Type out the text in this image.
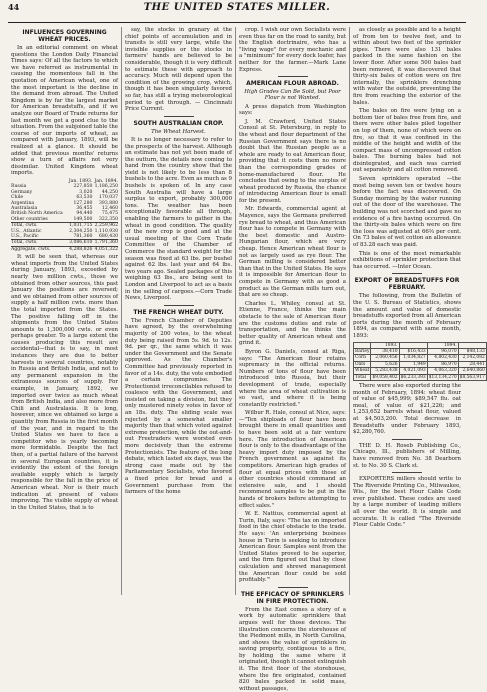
44	THE UNITED STATES MILLER.
INFLUENCES GOVERNING WHEAT PRICES.

In an editorial comment on wheat questions the London Daily Financial Times says: Of all the factors to which we have referred as instrumental in causing the momentous fall in the quotation of American wheat, one of the most important is the decline in the demand from abroad. The United Kingdom is by far the largest market for American breadstuffs, and if we analyze our Board of Trade returns for last month we get a good clue to the situation. From the subjoined table the course of our imports of wheat, as compared with January, 1893, will be realized at a glance. It should be added that previous months' returns show a turn of affairs not very dissimilar. United Kingdom wheat imports.

	Jan. 1893.	Jan. 1894.
Russia	227,850	1,186,250
Germany	3,020	44,250
Chile	63,530	170,037
Argentina	127,280	393,880
Australasia	36,455	12,460
British North America	94,440	75,475
Other countries	149,500	322,350
Total, cwts.	1,031,715	2,259,962
U.S., Atlantic	2,304,250	1,110,930
U.S., Pacific	781,360	680,430
Total, cwts.	3,086,610	1,791,360
Aggregate, cwts.	4,288,826	4,051,322

It will be seen that, whereas our wheat imports from the United States during January, 1893, exceeded by nearly two million cwts., those we obtained from other sources, this past January the positions are reversed; and we obtained from other sources of supply a half million cwts. more than the total imported from the States. The positive falling off in the shipments from the United States amounts to 1,300,000 cwts. or even perhaps greater. To a large extent the causes producing this result are accidental—that is to say, in most instances they are due to better harvests in several countries, notably in Russia and British India, and not to any permanent expansion in the extraneous sources of supply. For example, in January, 1892, we imported over twice as much wheat from British India, and also more from Chili and Australasia. It is long, however, since we obtained so large a quantity from Russia in the first month of the year, and in regard to the United States we have to face a competitor who is yearly becoming more formidable. Despite the fact then, of a partial failure of the harvest in several European countries, it is evidently the extent of the foreign available supply which is largely responsible for the fall in the price of American wheat. Nor is their much indication at present of values improving. The visible supply of wheat in the United States, that is to

say, the stocks in granary at the chief points of accumulation and in transits is still very large, while the invisible supplies or the stocks in farmers' hands are believed to be considerable, though it is very difficult to estimate these with approach to accuracy. Much will depend upon the condition of the growing crop, which, though it has been singularly favored so far, has still a trying meteorological period to get through. — Cincinnati Price Current.

SOUTH AUSTRALIAN CROP.
The Wheat Harvest.

It is no longer necessary to refer to the prospects of the harvest. Although an estimate has not yet been made of the outturn, the details now coming to hand from the country show that the yield is not likely to be less than 8 bushels to the acre. Even as much as 9 bushels is spoken of. In any case South Australia will have a large surplus to export, probably 300,000 tons. The weather has been exceptionally favorable all through, enabling the farmers to gather in the wheat in good condition. The quality of the new crop is good and at the usual meeting of the Corn Trade Committee of the Chamber of Commerce the standard weight for the season was fixed at 63 lbs. per bushel against 62 lbs. last year and 64 lbs. two years ago. Sealed packages of this weighing 63 lbs., are being sent to London and Liverpool to act as a basis in the selling of cargoes.—Corn Trade News, Liverpool.

THE FRENCH WHEAT DUTY.

The French Chamber of Deputies have agreed, by the overwhelming majority of 200 votes, to the wheat duty being raised from 5s. 9d. to 12s. 9d. per qr., the same which it was under the Government and the Senate approved. As the Chamber's Committee had previously reported in favor of a 14s. duty, the vote embodied a certain compromise. The Protectionist irreconcilables refused to coalesce with the Government, and insisted on taking a division, but they only mustered ninety votes in favor of an 18s. duty. The sliding scale was rejected by a somewhat smaller majority than that which voted against extreme protection, while the out-and-out Freetraders were worsted even more decisively than the extreme Protectionists. The feature of the long debate, which lasted six days, was the strong case made out by the Parliamentary Socialists, who favored a fixed price for bread and a Government purchase from the farmers of the home

crop. I wish our own Socialists were even thus far on the road to sanity, but the English doctrinaire, who has a "living wage" for every mechanic and a "minimum" for every dock loafer, has neither for the farmer.—Mark Lane Express.

AMERICAN FLOUR ABROAD.
High Grades Can Be Sold, but Poor Flour is not Wanted.

A press dispatch from Washington says:

J. M. Crawford, United States Consul at St. Petersburg, in reply to the wheat and flour department of the Russian Government says there is no doubt that the Russian people as a whole are ready to eat American flour, providing that it costs them no more than the corresponding grades of home-manufactured flour. He concludes that owing to the surplus of wheat produced by Russia, the chance of introducing American flour is small for the present.

Mr. Edwards, commercial agent at Mayence, says the Germans preferred rye bread to wheat, and thus American flour has to compete in Germany with the best domestic and Austro-Hungarian flour, which are very cheap. Hence American wheat flour is not as largely used as rye flour. The German milling is considered better than that in the United States. He says it is impossible for American flour to compete in Germany with as good a product as the German mills turn out, that are so cheap.

Charles L. Whiley, consul at St. Etienne, France, thinks the main obstacle to the sale of American flour are the customs duties and rate of transportation, and he thinks the better quality of American wheat and grind it.

Byron G. Daniels, consul at Riga, says: "The American flour retains supremacy in the official returns. Numbers of tons of flour have been introduced into Russia, but their development of trade, especially where the area of wheat cultivation is so vast, and where it is being constantly restricted."

Wilbur R. Hale, consul at Nice, says:—"Ten shiploads of flour have been brought there in small quantities and to have been sold at a fair venture here. The introduction of American flour is only to the disadvantage of the heavy import duty imposed by the French government as against its competitors. American high grades of flour at equal prices with those of other countries should command an extensive sale, and I should recommend samples to be put in the hands of brokers before attempting to effect sales."

W. E. Nattius, commercial agent at Turin, Italy, says: "The tax on imported food in the chief obstacle to the trade. He says: 'An enterprising business house in Turin is seeking to introduce American flour. Samples sent from the United States proved to be superior, and the firm figured out that by close calculation and shrewd management the American flour could be sold profitably.'"

THE EFFICACY OF SPRINKLERS IN FIRE PROTECTION.

From the East comes a story of a work by automatic sprinklers that argues well for those devices. The illustration concerns the storehouse of the Piedmont mills, in North Carolina, and shows the value of sprinklers in saving property, contiguous to a fire, by holding the same where it originated, though it cannot extinguish it. The first floor of the storehouse, where the fire originated, contained 820 bales packed in solid mass, without passages,

as closely as possible and to a height of from ten to twelve feet, and to within about two feet of the sprinkler pipes. There were also 131 bales packed in the same fashion on the lower floor. After some 500 bales had been removed, it was discovered that thirty-six bales of cotton were on fire internally, the sprinklers drenching with water the outside, preventing the fire from reaching the exterior of the bales.

The bales on fire were lying on a bottom tier of bales free from fire, and there were other bales piled together on top of them, none of which were on fire, so that it was confined in the middle of the height and width of the compact mass of uncompressed cotton bales. The burning bales had not disintegrated, and each was carried out separately and all cotton removed.

Seven sprinklers operated —the most being seven ten or twelve hours before the fact was discovered. On Sunday morning by the water running out of the door of the warehouse. The building was not scorched and gave no evidence of a fire having occurred. On the thirty-six bales which were on fire the loss was adjusted at 66⅔ per cent. On 73 bales of wet cotton an allowance of 83.28 each was paid.

This is one of the most remarkable exhibitions of sprinkler protection that has occurred. —Inter Ocean.

EXPORT OF BREADSTUFFS FOR FEBRUARY.

The following, from the Bulletin of the U. S. Bureau of Statistics, shows the amount and value of domestic breadstuffs exported from all American ports during the month of February 1894, as compared with same month, 1893:

	1893.		1894.	
Barley	38,410	$16,433	96,070	$48,133
Corn	2,060,456	1,034,827	4,802,430	2,142,082
Oats	5,626	1,949	86,970	28,441
Wheat	5,283,438	4,021,093	4,063,320	2,640,860
Total	$9,058,402	$6,233,393	$13,134,270	$8,563,917

There were also exported during the month of February, 1894: wheat flour of value of $45,999; $89,547 flu. oat meal, of value of $21,226; and 1,253,652 barrels wheat flour, valued at $4,503,200. Total decrease in Breadstuffs under February 1893, $2,280,760.

THE D. H. Roseb Publishing Co., Chicago, Ill., publishers of Milling, have removed from No. 38 Dearborn st. to No. 30 S. Clark st.

EXPORTERS millers should write to The Riverside Printing Co., Milwaukee, Wis., for the best Flour Cable Code ever published. These codes are used by a large number of leading millers all over the world. It is simple and accurate. It is called "The Riverside Flour Cable Code."
